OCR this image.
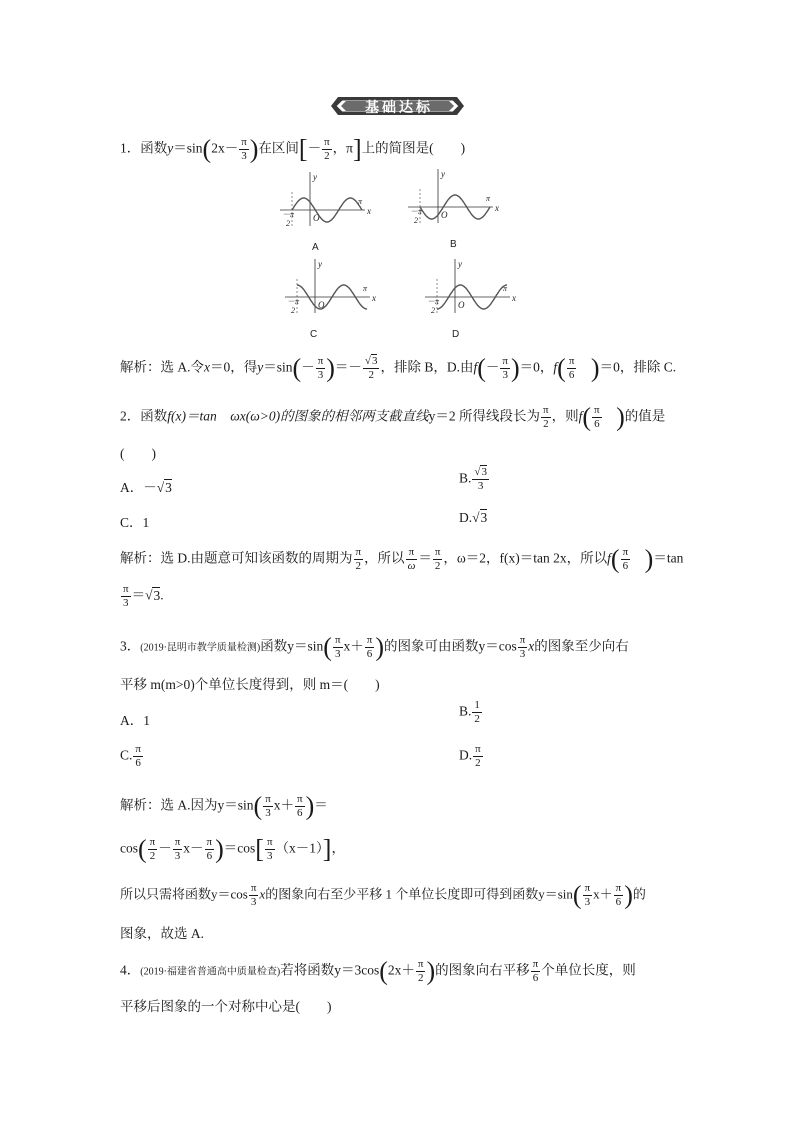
基础达标
1．函数$y=\sin(2x- \frac{\pi}{3}$ )在区间[－ $\frac{\pi}{2}$ ，π]上的简图是(　　)
y
x
O
－π
2
π
A
y
x
O
－π
2
π
B
y
x
O
－π
2
π
C
y
x
O
－π
2
π
D
解析：选 A.令x＝0，得$y=\sin(- \frac{\pi}{3}$ )＝－ $\frac{√3}{2}$ ，排除 B，D.由$f(- \frac{\pi}{3} )=0$，$f( \frac{\pi}{6}$
   )＝0，排除 C.
2．函数f(x)＝tan　ωx(ω>0)的图象的相邻两支截直线y＝2 所得线段长为 $\frac{\pi}{2}$ ，则$f( \frac{\pi}{6}$
   )的值是
(　　)
A．－√3
B. $\frac{√3}{3}$
C．1	D.√3
解析：选 D.由题意可知该函数的周期为 $\frac{\pi}{2}$ ，所以 $\frac{\pi}{\omega} = \frac{\pi}{2}$ ，ω＝2，f(x)＝tan 2x，所以$f( \frac{\pi}{6}$
   )＝tan
$\frac{\pi}{3} =√3$.
3．(2019·昆明市教学质量检测)函数$y=\sin( \frac{\pi}{3} x+ \frac{\pi}{6}$ )的图象可由函数$y=\cos \frac{\pi}{3}$ x的图象至少向右
平移 m(m>0)个单位长度得到，则 m＝(　　)
A．1
B. $\frac{1}{2}$
C. $\frac{\pi}{6}$	D. $\frac{\pi}{2}$
解析：选 A.因为$y=\sin( \frac{\pi}{3} x+ \frac{\pi}{6}$ )＝
$\cos( \frac{\pi}{2} - \frac{\pi}{3} x- \frac{\pi}{6} )=\cos[ \frac{\pi}{3} (x-1)]$，
所以只需将函数$y=\cos \frac{\pi}{3}$ x的图象向右至少平移 1 个单位长度即可得到函数$y=\sin( \frac{\pi}{3} x+ \frac{\pi}{6}$ )的
图象，故选 A.
4．(2019·福建省普通高中质量检查)若将函数$y=3\cos(2x+ \frac{\pi}{2}$ )的图象向右平移 $\frac{\pi}{6}$ 个单位长度，则
平移后图象的一个对称中心是(　　)
